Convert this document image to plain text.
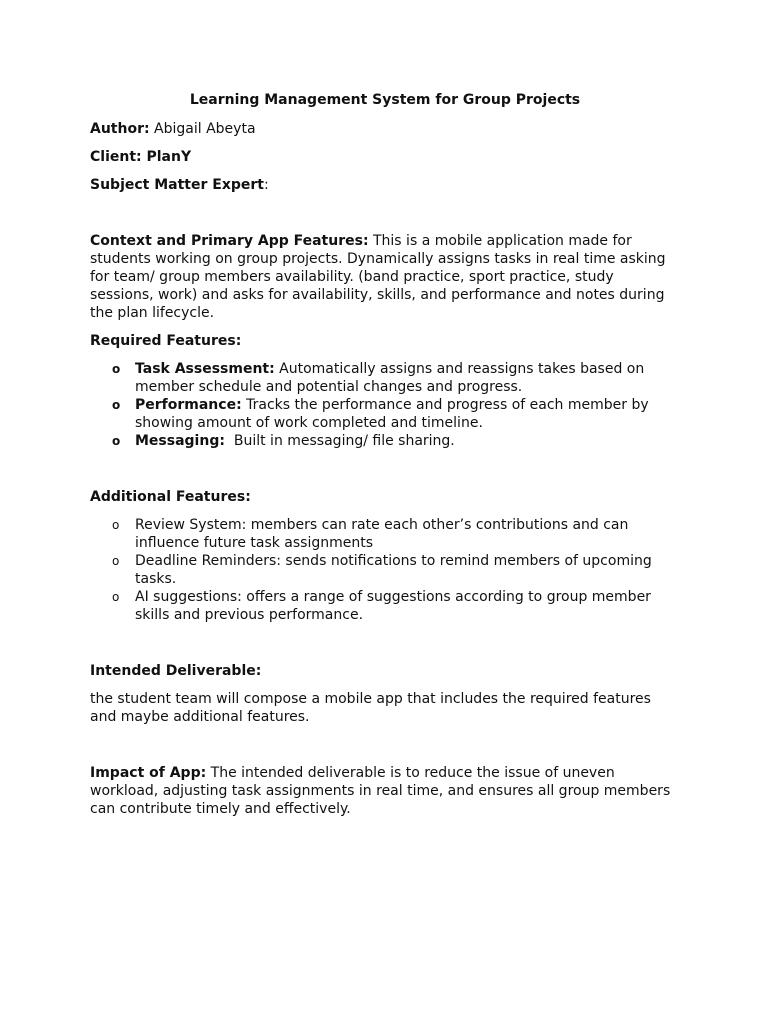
Learning Management System for Group Projects

Author: Abigail Abeyta

Client: PlanY

Subject Matter Expert:

Context and Primary App Features: This is a mobile application made for students working on group projects. Dynamically assigns tasks in real time asking for team/ group members availability. (band practice, sport practice, study sessions, work) and asks for availability, skills, and performance and notes during the plan lifecycle.

Required Features:

o Task Assessment: Automatically assigns and reassigns takes based on member schedule and potential changes and progress.
o Performance: Tracks the performance and progress of each member by showing amount of work completed and timeline.
o Messaging:  Built in messaging/ file sharing.

Additional Features:

o Review System: members can rate each other’s contributions and can influence future task assignments
o Deadline Reminders: sends notifications to remind members of upcoming tasks.
o AI suggestions: offers a range of suggestions according to group member skills and previous performance.

Intended Deliverable:

the student team will compose a mobile app that includes the required features and maybe additional features.

Impact of App: The intended deliverable is to reduce the issue of uneven workload, adjusting task assignments in real time, and ensures all group members can contribute timely and effectively.
